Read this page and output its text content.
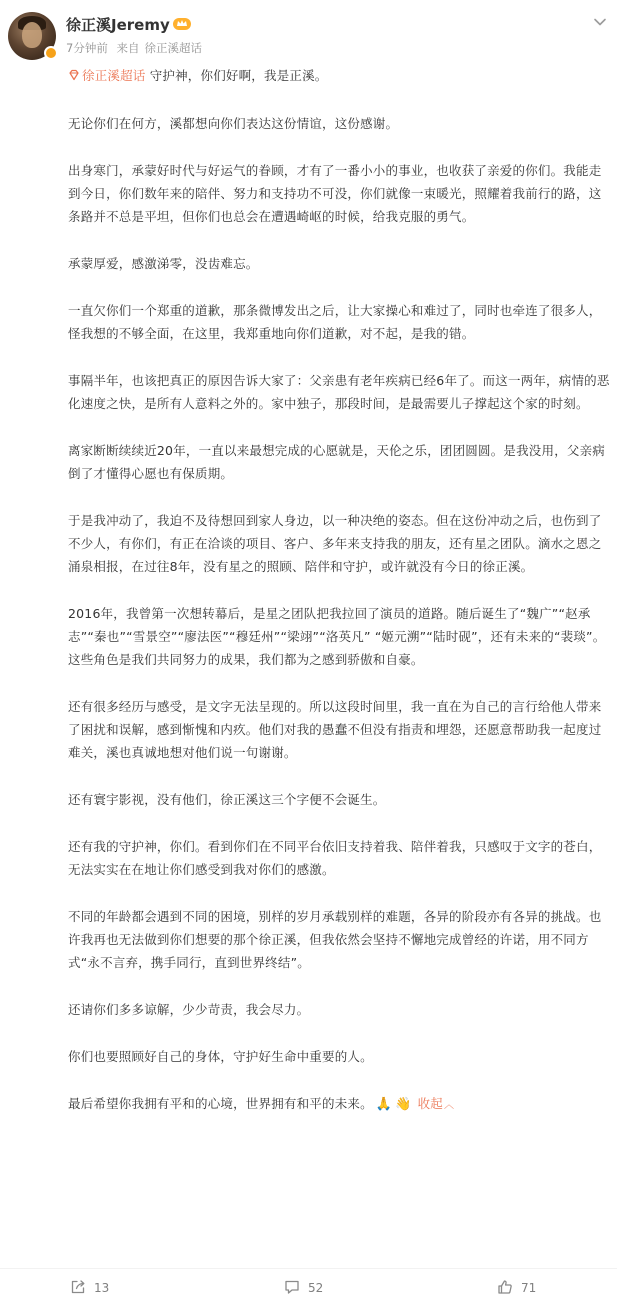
徐正溪Jeremy
7分钟前 来自 徐正溪超话

徐正溪超话 守护神，你们好啊，我是正溪。

无论你们在何方，溪都想向你们表达这份情谊，这份感谢。

出身寒门，承蒙好时代与好运气的眷顾，才有了一番小小的事业，也收获了亲爱的你们。我能走到今日，你们数年来的陪伴、努力和支持功不可没，你们就像一束暖光，照耀着我前行的路，这条路并不总是平坦，但你们也总会在遭遇崎岖的时候，给我克服的勇气。

承蒙厚爱，感激涕零，没齿难忘。

一直欠你们一个郑重的道歉，那条微博发出之后，让大家操心和难过了，同时也牵连了很多人，怪我想的不够全面，在这里，我郑重地向你们道歉，对不起，是我的错。

事隔半年，也该把真正的原因告诉大家了：父亲患有老年疾病已经6年了。而这一两年，病情的恶化速度之快，是所有人意料之外的。家中独子，那段时间，是最需要儿子撑起这个家的时刻。

离家断断续续近20年，一直以来最想完成的心愿就是，天伦之乐，团团圆圆。是我没用，父亲病倒了才懂得心愿也有保质期。

于是我冲动了，我迫不及待想回到家人身边，以一种决绝的姿态。但在这份冲动之后，也伤到了不少人，有你们，有正在洽谈的项目、客户、多年来支持我的朋友，还有星之团队。滴水之恩之涌泉相报，在过往8年，没有星之的照顾、陪伴和守护，或许就没有今日的徐正溪。

2016年，我曾第一次想转幕后，是星之团队把我拉回了演员的道路。随后诞生了“魏广”“赵承志”“秦也”“雪景空”“廖法医”“穆廷州”“梁翊”“洛英凡” “姬元溯”“陆时砚”，还有未来的“裴琰”。这些角色是我们共同努力的成果，我们都为之感到骄傲和自豪。

还有很多经历与感受，是文字无法呈现的。所以这段时间里，我一直在为自己的言行给他人带来了困扰和误解，感到惭愧和内疚。他们对我的愚蠢不但没有指责和埋怨，还愿意帮助我一起度过难关，溪也真诚地想对他们说一句谢谢。

还有寰宇影视，没有他们，徐正溪这三个字便不会诞生。

还有我的守护神，你们。看到你们在不同平台依旧支持着我、陪伴着我，只感叹于文字的苍白，无法实实在在地让你们感受到我对你们的感激。

不同的年龄都会遇到不同的困境，别样的岁月承载别样的难题，各异的阶段亦有各异的挑战。也许我再也无法做到你们想要的那个徐正溪，但我依然会坚持不懈地完成曾经的许诺，用不同方式“永不言弃，携手同行，直到世界终结”。

还请你们多多谅解，少少苛责，我会尽力。

你们也要照顾好自己的身体，守护好生命中重要的人。

最后希望你我拥有平和的心境，世界拥有和平的未来。 🙏 👋 收起︿

13	52	71
